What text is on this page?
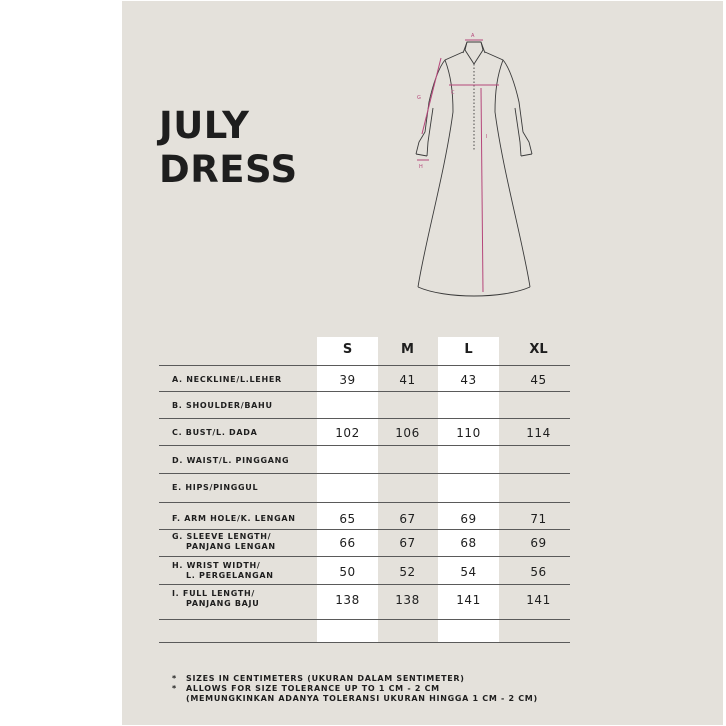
JULY
DRESS
A
C
G
H
I
S	M	L	XL
A. NECKLINE/L.LEHER	39	41	43	45
B. SHOULDER/BAHU
C. BUST/L. DADA	102	106	110	114
D. WAIST/L. PINGGANG
E. HIPS/PINGGUL
F. ARM HOLE/K. LENGAN	65	67	69	71
G. SLEEVE LENGTH/
PANJANG LENGAN	66	67	68	69
H. WRIST WIDTH/
L. PERGELANGAN	50	52	54	56
I. FULL LENGTH/
PANJANG BAJU	138	138	141	141
* SIZES IN CENTIMETERS (UKURAN DALAM SENTIMETER)
* ALLOWS FOR SIZE TOLERANCE UP TO 1 CM - 2 CM
(MEMUNGKINKAN ADANYA TOLERANSI UKURAN HINGGA 1 CM - 2 CM)
